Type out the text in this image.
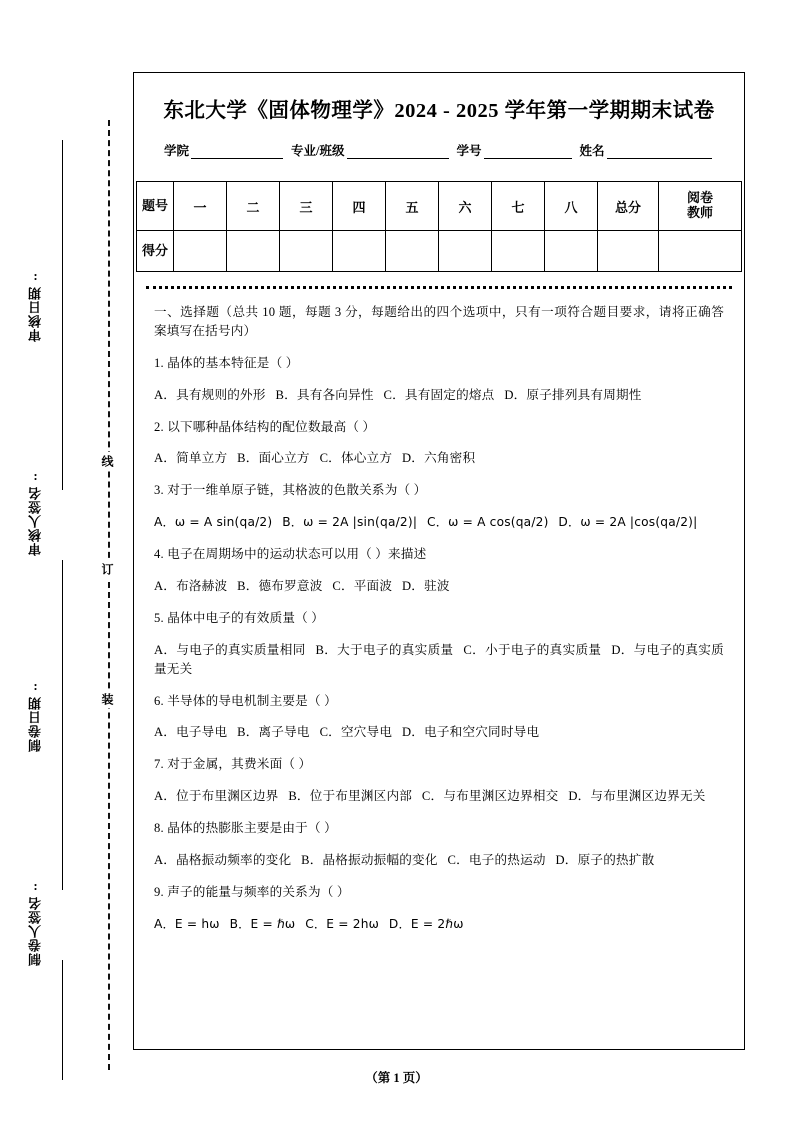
审核日期:
审核人签名:
制卷日期:
制卷人签名:
线
订
装
东北大学《固体物理学》2024 - 2025 学年第一学期期末试卷
学院	专业/班级	学号	姓名
题号	一	二	三	四	五	六	七	八	总分	阅卷
教师

得分										
一、选择题（总共 10 题，每题 3 分，每题给出的四个选项中，只有一项符合题目要求，请将正确答案填写在括号内）
1. 晶体的基本特征是（ ）
A．具有规则的外形  B．具有各向异性  C．具有固定的熔点  D．原子排列具有周期性
2. 以下哪种晶体结构的配位数最高（ ）
A．简单立方  B．面心立方  C．体心立方  D．六角密积
3. 对于一维单原子链，其格波的色散关系为（ ）
A．ω = A sin(qa/2)  B．ω = 2A |sin(qa/2)|  C．ω = A cos(qa/2)  D．ω = 2A |cos(qa/2)|
4. 电子在周期场中的运动状态可以用（ ）来描述
A．布洛赫波  B．德布罗意波  C．平面波  D．驻波
5. 晶体中电子的有效质量（ ）
A．与电子的真实质量相同  B．大于电子的真实质量  C．小于电子的真实质量  D．与电子的真实质量无关
6. 半导体的导电机制主要是（ ）
A．电子导电  B．离子导电  C．空穴导电  D．电子和空穴同时导电
7. 对于金属，其费米面（ ）
A．位于布里渊区边界  B．位于布里渊区内部  C．与布里渊区边界相交  D．与布里渊区边界无关
8. 晶体的热膨胀主要是由于（ ）
A．晶格振动频率的变化  B．晶格振动振幅的变化  C．电子的热运动  D．原子的热扩散
9. 声子的能量与频率的关系为（ ）
A．E = hω  B．E = ℏω  C．E = 2hω  D．E = 2ℏω
（第 1 页）
